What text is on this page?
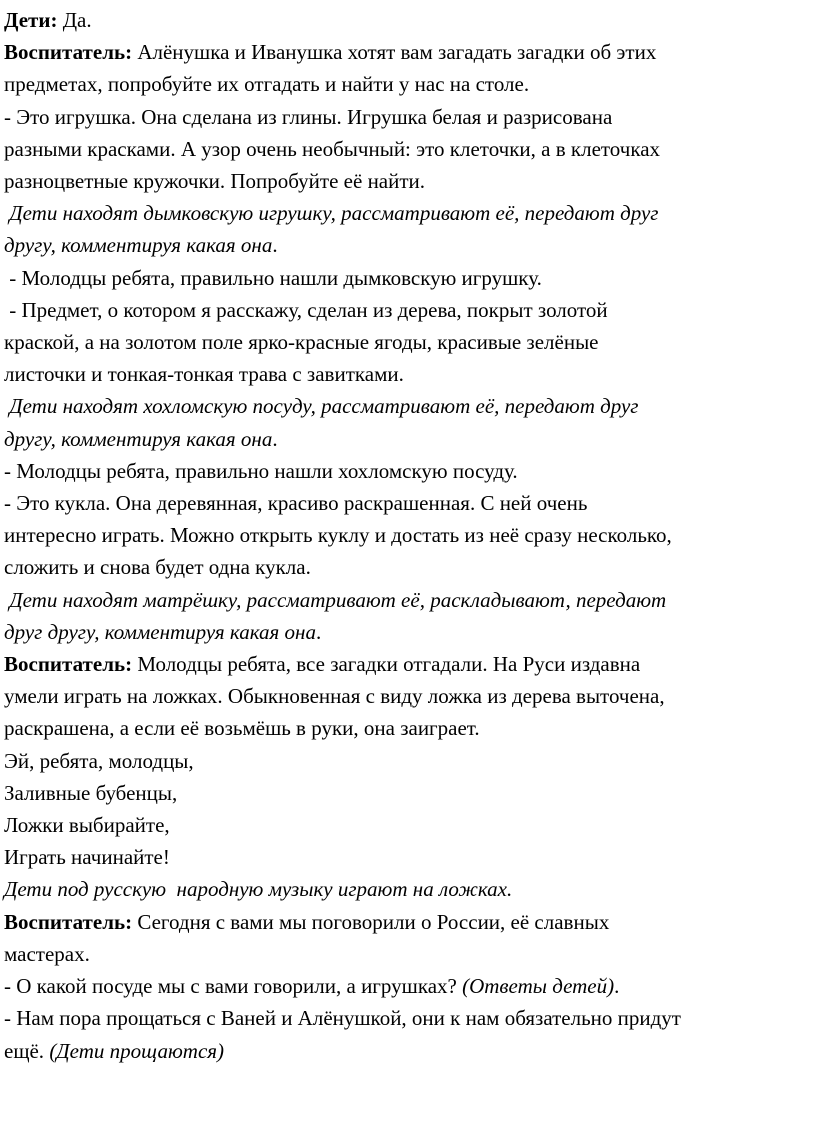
Дети: Да.
Воспитатель: Алёнушка и Иванушка хотят вам загадать загадки об этих
предметах, попробуйте их отгадать и найти у нас на столе.
- Это игрушка. Она сделана из глины. Игрушка белая и разрисована
разными красками. А узор очень необычный: это клеточки, а в клеточках
разноцветные кружочки. Попробуйте её найти.
Дети находят дымковскую игрушку, рассматривают её, передают друг
другу, комментируя какая она.
- Молодцы ребята, правильно нашли дымковскую игрушку.
- Предмет, о котором я расскажу, сделан из дерева, покрыт золотой
краской, а на золотом поле ярко-красные ягоды, красивые зелёные
листочки и тонкая-тонкая трава с завитками.
Дети находят хохломскую посуду, рассматривают её, передают друг
другу, комментируя какая она.
- Молодцы ребята, правильно нашли хохломскую посуду.
- Это кукла. Она деревянная, красиво раскрашенная. С ней очень
интересно играть. Можно открыть куклу и достать из неё сразу несколько,
сложить и снова будет одна кукла.
Дети находят матрёшку, рассматривают её, раскладывают, передают
друг другу, комментируя какая она.
Воспитатель: Молодцы ребята, все загадки отгадали. На Руси издавна
умели играть на ложках. Обыкновенная с виду ложка из дерева выточена,
раскрашена, а если её возьмёшь в руки, она заиграет.
Эй, ребята, молодцы,
Заливные бубенцы,
Ложки выбирайте,
Играть начинайте!
Дети под русскую  народную музыку играют на ложках.
Воспитатель: Сегодня с вами мы поговорили о России, её славных
мастерах.
- О какой посуде мы с вами говорили, а игрушках? (Ответы детей).
- Нам пора прощаться с Ваней и Алёнушкой, они к нам обязательно придут
ещё. (Дети прощаются)
